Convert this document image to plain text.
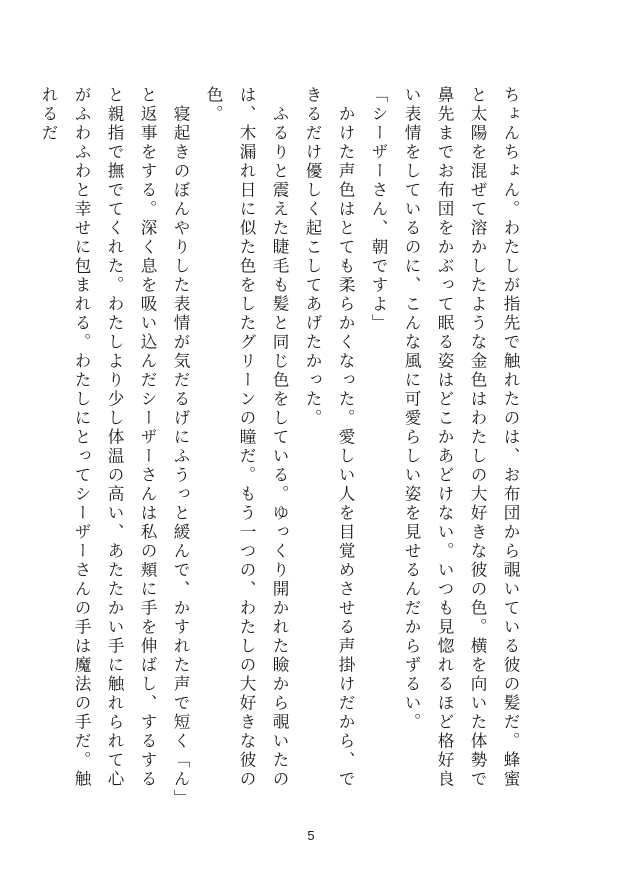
ちょんちょん。わたしが指先で触れたのは、お布団から覗いている彼の髪だ。蜂蜜と太陽を混ぜて溶かしたような金色はわたしの大好きな彼の色。横を向いた体勢で鼻先までお布団をかぶって眠る姿はどこかあどけない。いつも見惚れるほど格好良い表情をしているのに、こんな風に可愛らしい姿を見せるんだからずるい。

「シーザーさん、朝ですよ」

　かけた声色はとても柔らかくなった。愛しい人を目覚めさせる声掛けだから、できるだけ優しく起こしてあげたかった。

　ふるりと震えた睫毛も髪と同じ色をしている。ゆっくり開かれた瞼から覗いたのは、木漏れ日に似た色をしたグリーンの瞳だ。もう一つの、わたしの大好きな彼の色。

　寝起きのぼんやりした表情が気だるげにふうっと緩んで、かすれた声で短く「ん」と返事をする。深く息を吸い込んだシーザーさんは私の頬に手を伸ばし、するすると親指で撫でてくれた。わたしより少し体温の高い、あたたかい手に触れられて心がふわふわと幸せに包まれる。わたしにとってシーザーさんの手は魔法の手だ。触れるだ

5
